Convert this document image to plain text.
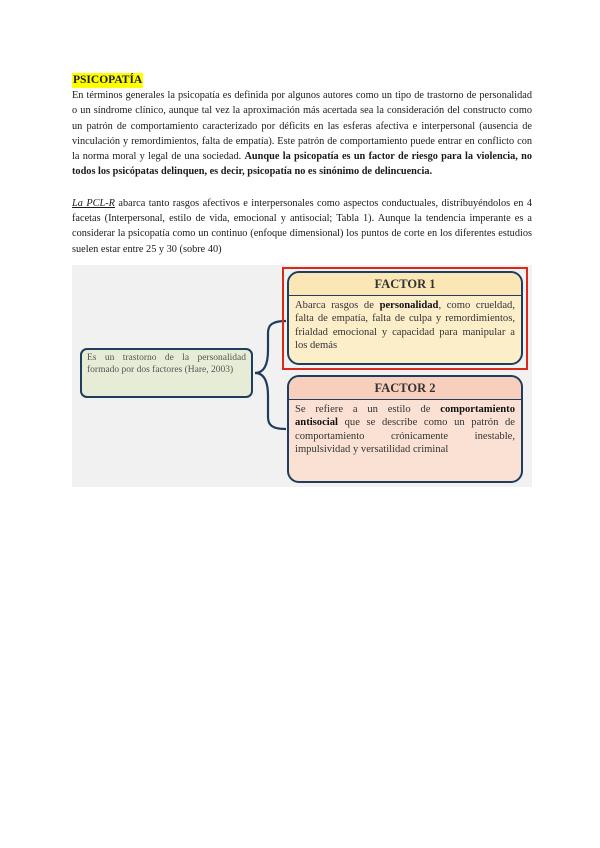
PSICOPATÍA

En términos generales la psicopatía es definida por algunos autores como un tipo de trastorno de personalidad o un síndrome clínico, aunque tal vez la aproximación más acertada sea la consideración del constructo como un patrón de comportamiento caracterizado por déficits en las esferas afectiva e interpersonal (ausencia de vinculación y remordimientos, falta de empatía). Este patrón de comportamiento puede entrar en conflicto con la norma moral y legal de una sociedad. Aunque la psicopatía es un factor de riesgo para la violencia, no todos los psicópatas delinquen, es decir, psicopatía no es sinónimo de delincuencia.

La PCL-R abarca tanto rasgos afectivos e interpersonales como aspectos conductuales, distribuyéndolos en 4 facetas (Interpersonal, estilo de vida, emocional y antisocial; Tabla 1). Aunque la tendencia imperante es a considerar la psicopatía como un continuo (enfoque dimensional) los puntos de corte en los diferentes estudios suelen estar entre 25 y 30 (sobre 40)

Es un trastorno de la personalidad formado por dos factores (Hare, 2003)
FACTOR 1
Abarca rasgos de personalidad, como crueldad, falta de empatía, falta de culpa y remordimientos, frialdad emocional y capacidad para manipular a los demás
FACTOR 2
Se refiere a un estilo de comportamiento antisocial que se describe como un patrón de comportamiento crónicamente inestable, impulsividad y versatilidad criminal
